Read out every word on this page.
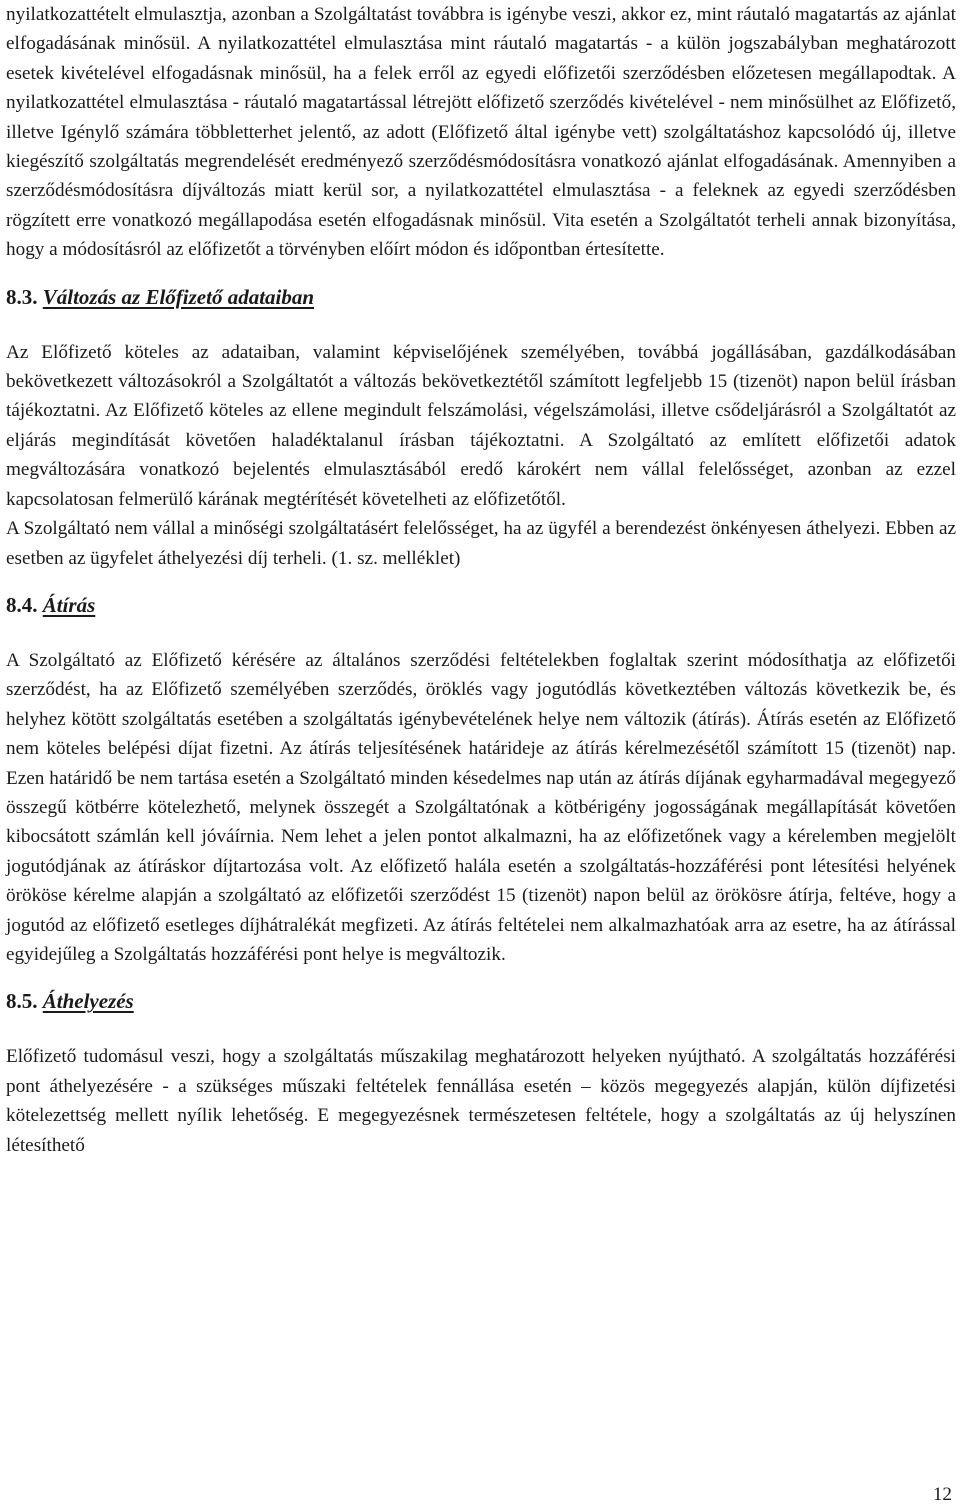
nyilatkozattételt elmulasztja, azonban a Szolgáltatást továbbra is igénybe veszi, akkor ez, mint ráutaló magatartás az ajánlat elfogadásának minősül. A nyilatkozattétel elmulasztása mint ráutaló magatartás - a külön jogszabályban meghatározott esetek kivételével elfogadásnak minősül, ha a felek erről az egyedi előfizetői szerződésben előzetesen megállapodtak. A nyilatkozattétel elmulasztása - ráutaló magatartással létrejött előfizető szerződés kivételével - nem minősülhet az Előfizető, illetve Igénylő számára többletterhet jelentő, az adott (Előfizető által igénybe vett) szolgáltatáshoz kapcsolódó új, illetve kiegészítő szolgáltatás megrendelését eredményező szerződésmódosításra vonatkozó ajánlat elfogadásának. Amennyiben a szerződésmódosításra díjváltozás miatt kerül sor, a nyilatkozattétel elmulasztása - a feleknek az egyedi szerződésben rögzített erre vonatkozó megállapodása esetén elfogadásnak minősül. Vita esetén a Szolgáltatót terheli annak bizonyítása, hogy a módosításról az előfizetőt a törvényben előírt módon és időpontban értesítette.

8.3. Változás az Előfizető adataiban

Az Előfizető köteles az adataiban, valamint képviselőjének személyében, továbbá jogállásában, gazdálkodásában bekövetkezett változásokról a Szolgáltatót a változás bekövetkeztétől számított legfeljebb 15 (tizenöt) napon belül írásban tájékoztatni. Az Előfizető köteles az ellene megindult felszámolási, végelszámolási, illetve csődeljárásról a Szolgáltatót az eljárás megindítását követően haladéktalanul írásban tájékoztatni. A Szolgáltató az említett előfizetői adatok megváltozására vonatkozó bejelentés elmulasztásából eredő károkért nem vállal felelősséget, azonban az ezzel kapcsolatosan felmerülő kárának megtérítését követelheti az előfizetőtől.

A Szolgáltató nem vállal a minőségi szolgáltatásért felelősséget, ha az ügyfél a berendezést önkényesen áthelyezi. Ebben az esetben az ügyfelet áthelyezési díj terheli. (1. sz. melléklet)

8.4. Átírás

A Szolgáltató az Előfizető kérésére az általános szerződési feltételekben foglaltak szerint módosíthatja az előfizetői szerződést, ha az Előfizető személyében szerződés, öröklés vagy jogutódlás következtében változás következik be, és helyhez kötött szolgáltatás esetében a szolgáltatás igénybevételének helye nem változik (átírás). Átírás esetén az Előfizető nem köteles belépési díjat fizetni. Az átírás teljesítésének határideje az átírás kérelmezésétől számított 15 (tizenöt) nap. Ezen határidő be nem tartása esetén a Szolgáltató minden késedelmes nap után az átírás díjának egyharmadával megegyező összegű kötbérre kötelezhető, melynek összegét a Szolgáltatónak a kötbérigény jogosságának megállapítását követően kibocsátott számlán kell jóváírnia. Nem lehet a jelen pontot alkalmazni, ha az előfizetőnek vagy a kérelemben megjelölt jogutódjának az átíráskor díjtartozása volt. Az előfizető halála esetén a szolgáltatás-hozzáférési pont létesítési helyének örököse kérelme alapján a szolgáltató az előfizetői szerződést 15 (tizenöt) napon belül az örökösre átírja, feltéve, hogy a jogutód az előfizető esetleges díjhátralékát megfizeti. Az átírás feltételei nem alkalmazhatóak arra az esetre, ha az átírással egyidejűleg a Szolgáltatás hozzáférési pont helye is megváltozik.

8.5. Áthelyezés

Előfizető tudomásul veszi, hogy a szolgáltatás műszakilag meghatározott helyeken nyújtható. A szolgáltatás hozzáférési pont áthelyezésére - a szükséges műszaki feltételek fennállása esetén – közös megegyezés alapján, külön díjfizetési kötelezettség mellett nyílik lehetőség. E megegyezésnek természetesen feltétele, hogy a szolgáltatás az új helyszínen létesíthető

12
